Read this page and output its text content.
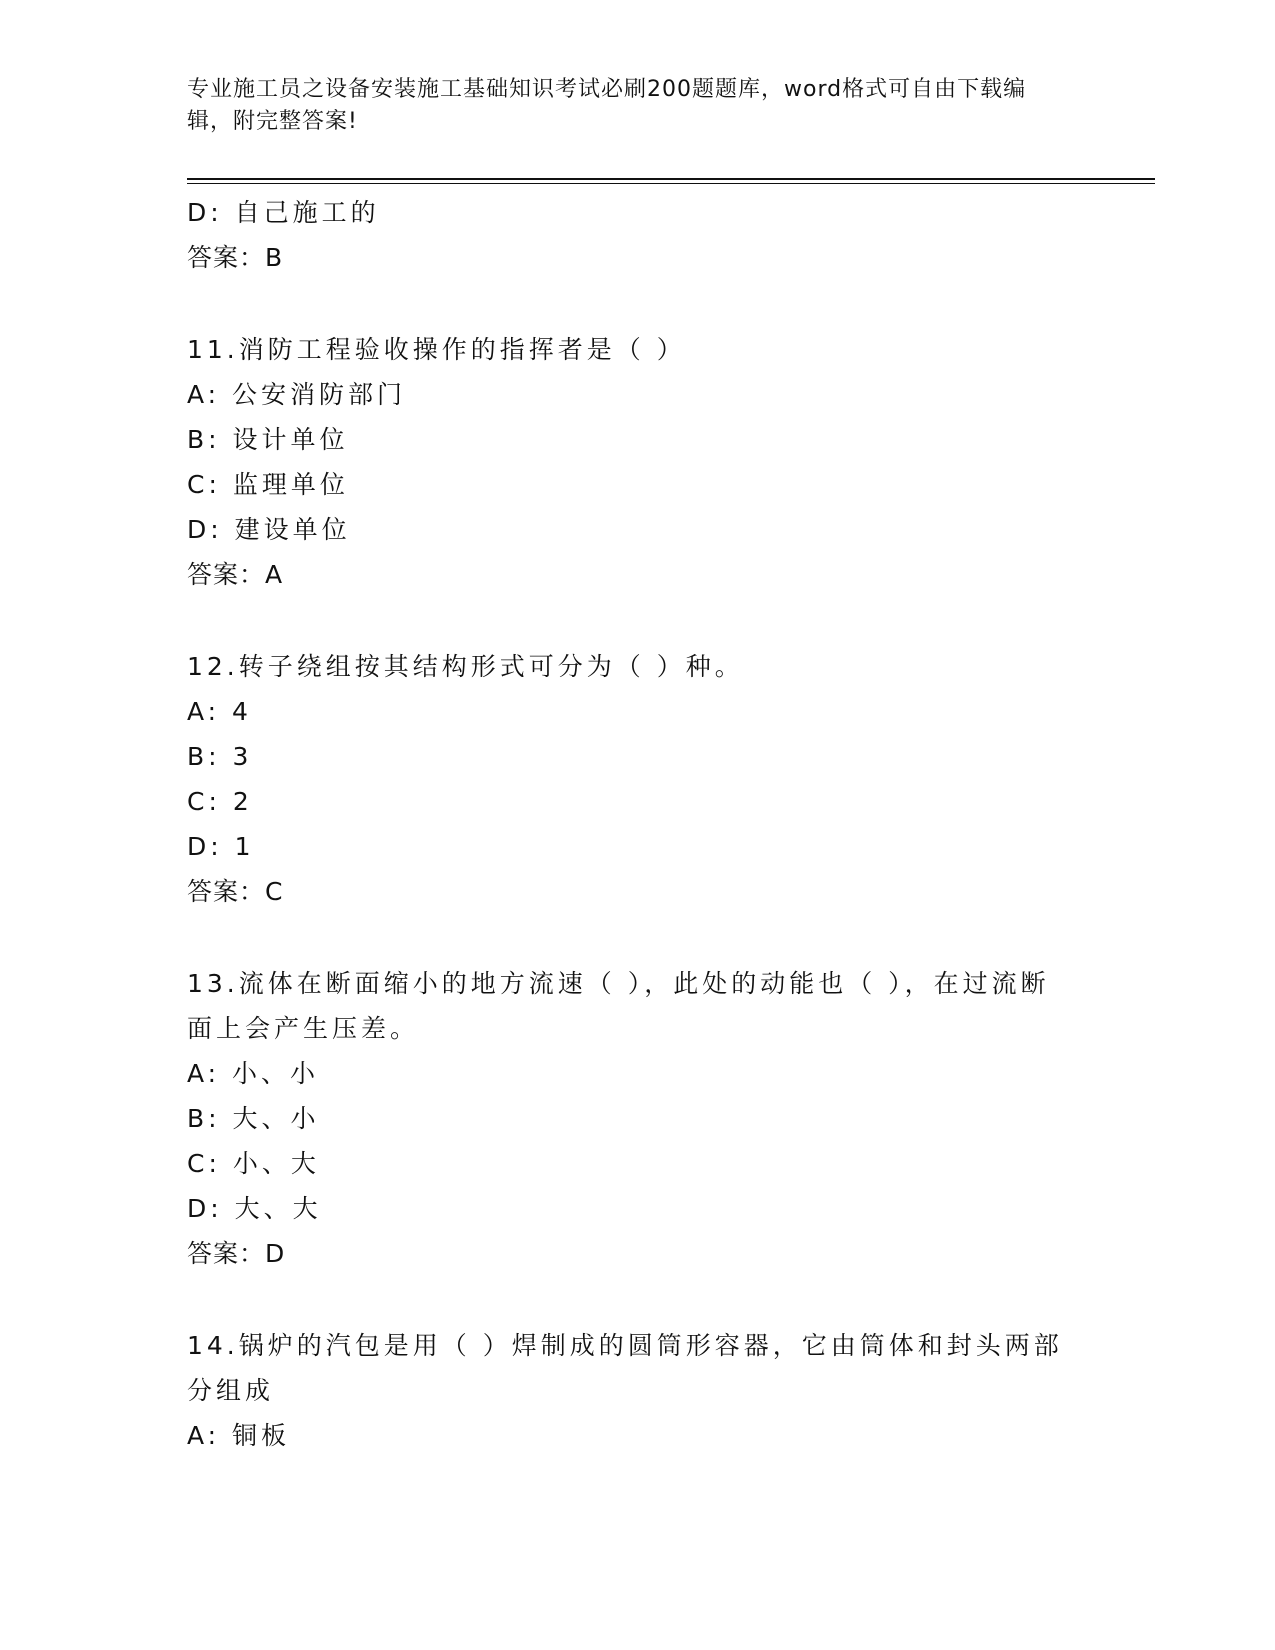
专业施工员之设备安装施工基础知识考试必刷200题题库，word格式可自由下载编辑，附完整答案!

D: 自己施工的

答案：B

11.消防工程验收操作的指挥者是（ ）

A: 公安消防部门

B: 设计单位

C: 监理单位

D: 建设单位

答案：A

12.转子绕组按其结构形式可分为（ ）种。

A: 4

B: 3

C: 2

D: 1

答案：C

13.流体在断面缩小的地方流速（ ），此处的动能也（ ），在过流断

面上会产生压差。

A: 小、小

B: 大、小

C: 小、大

D: 大、大

答案：D

14.锅炉的汽包是用（ ）焊制成的圆筒形容器，它由筒体和封头两部

分组成

A: 铜板
